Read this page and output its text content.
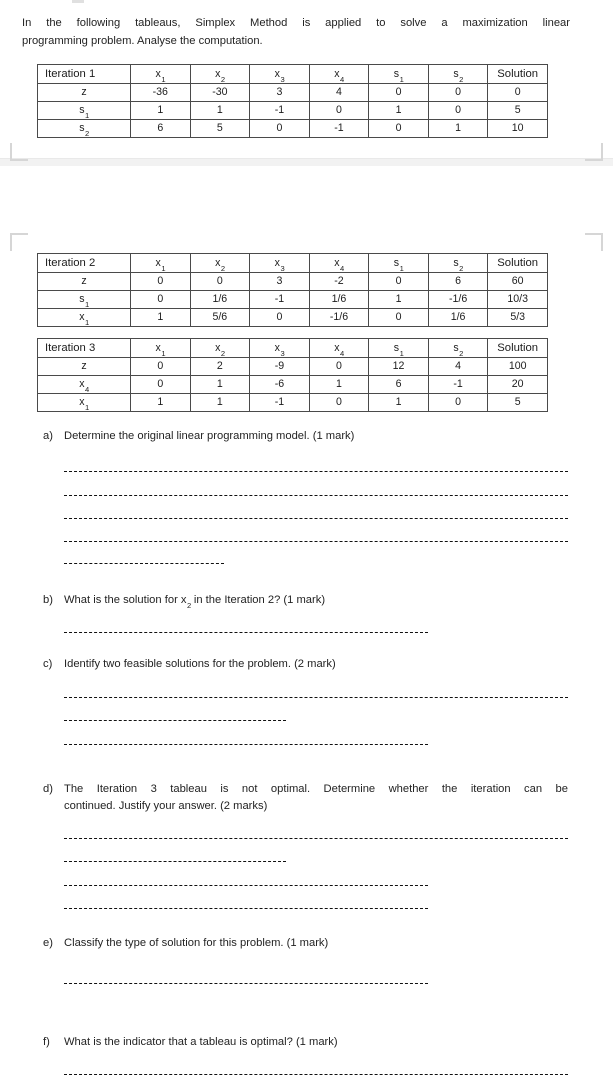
In the following tableaus, Simplex Method is applied to solve a maximization linear
programming problem. Analyse the computation.
Iteration 1	$x_1$	$x_2$	$x_3$	$x_4$	$s_1$	$s_2$	Solution
z	-36	-30	3	4	0	0	0
$s_1$	1	1	-1	0	1	0	5
$s_2$	6	5	0	-1	0	1	10
Iteration 2	$x_1$	$x_2$	$x_3$	$x_4$	$s_1$	$s_2$	Solution
z	0	0	3	-2	0	6	60
$s_1$	0	1/6	-1	1/6	1	-1/6	10/3
$x_1$	1	5/6	0	-1/6	0	1/6	5/3
Iteration 3	$x_1$	$x_2$	$x_3$	$x_4$	$s_1$	$s_2$	Solution
z	0	2	-9	0	12	4	100
$x_4$	0	1	-6	1	6	-1	20
$x_1$	1	1	-1	0	1	0	5
a) Determine the original linear programming model. (1 mark)
b) What is the solution for $x_2$ in the Iteration 2? (1 mark)
c)	Identify two feasible solutions for the problem. (2 mark)
d) The Iteration 3 tableau is not optimal. Determine whether the iteration can be
continued. Justify your answer. (2 marks)
e) Classify the type of solution for this problem. (1 mark)
f)	What is the indicator that a tableau is optimal? (1 mark)
